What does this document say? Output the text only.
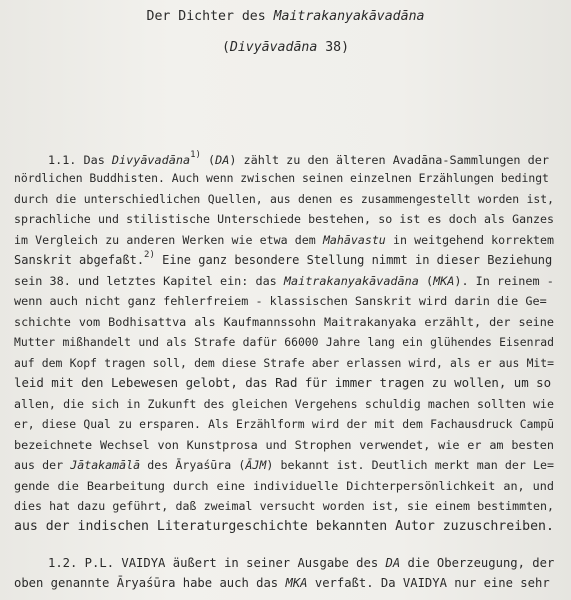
Der Dichter des Maitrakanyakāvadāna
(Divyāvadāna 38)
1.1. Das Divyāvadāna$^{1)}$ (DA) zählt zu den älteren Avadāna-Sammlungen der
nördlichen Buddhisten. Auch wenn zwischen seinen einzelnen Erzählungen bedingt
durch die unterschiedlichen Quellen, aus denen es zusammengestellt worden ist,
sprachliche und stilistische Unterschiede bestehen, so ist es doch als Ganzes
im Vergleich zu anderen Werken wie etwa dem Mahāvastu in weitgehend korrektem
Sanskrit abgefaßt.$^{2)}$ Eine ganz besondere Stellung nimmt in dieser Beziehung
sein 38. und letztes Kapitel ein: das Maitrakanyakāvadāna (MKA). In reinem -
wenn auch nicht ganz fehlerfreiem - klassischen Sanskrit wird darin die Ge=
schichte vom Bodhisattva als Kaufmannssohn Maitrakanyaka erzählt, der seine
Mutter mißhandelt und als Strafe dafür 66000 Jahre lang ein glühendes Eisenrad
auf dem Kopf tragen soll, dem diese Strafe aber erlassen wird, als er aus Mit=
leid mit den Lebewesen gelobt, das Rad für immer tragen zu wollen, um so
allen, die sich in Zukunft des gleichen Vergehens schuldig machen sollten wie
er, diese Qual zu ersparen. Als Erzählform wird der mit dem Fachausdruck Campū
bezeichnete Wechsel von Kunstprosa und Strophen verwendet, wie er am besten
aus der Jātakamālā des Āryaśūra (ĀJM) bekannt ist. Deutlich merkt man der Le=
gende die Bearbeitung durch eine individuelle Dichterpersönlichkeit an, und
dies hat dazu geführt, daß zweimal versucht worden ist, sie einem bestimmten,
aus der indischen Literaturgeschichte bekannten Autor zuzuschreiben.
1.2. P.L. VAIDYA äußert in seiner Ausgabe des DA die Oberzeugung, der
oben genannte Āryaśūra habe auch das MKA verfaßt. Da VAIDYA nur eine sehr
